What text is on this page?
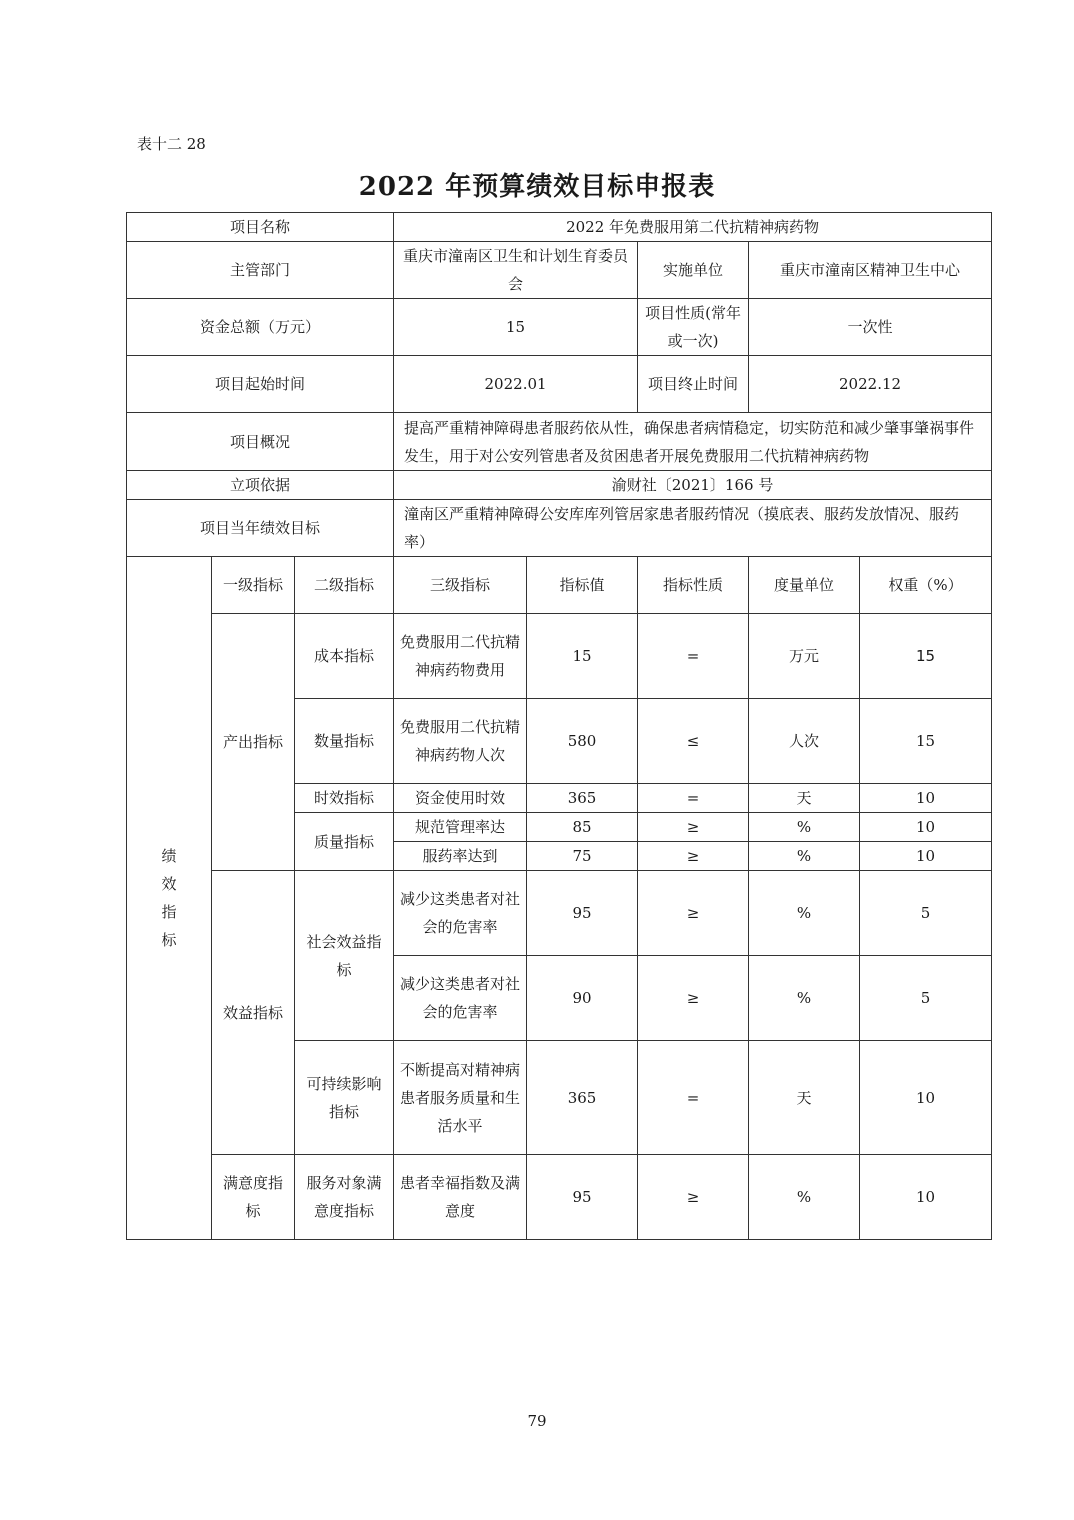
表十二 28
2022 年预算绩效目标申报表
项目名称			2022 年免费服用第二代抗精神病药物				
主管部门			重庆市潼南区卫生和计划生育委员会		实施单位	重庆市潼南区精神卫生中心	
资金总额（万元）			15		项目性质(常年或一次)	一次性	
项目起始时间			2022.01		项目终止时间	2022.12	
项目概况			提高严重精神障碍患者服药依从性，确保患者病情稳定，切实防范和减少肇事肇祸事件发生，用于对公安列管患者及贫困患者开展免费服用二代抗精神病药物				
立项依据			渝财社〔2021〕166 号				
项目当年绩效目标			潼南区严重精神障碍公安库库列管居家患者服药情况（摸底表、服药发放情况、服药率）				
绩效指标	一级指标	二级指标	三级指标	指标值	指标性质	度量单位	权重（%）
	产出指标	成本指标	免费服用二代抗精神病药物费用	15	=	万元	15
		数量指标	免费服用二代抗精神病药物人次	580	≤	人次	15
		时效指标	资金使用时效	365	=	天	10
		质量指标	规范管理率达	85	≥	%	10
			服药率达到	75	≥	%	10
	效益指标	社会效益指标	减少这类患者对社会的危害率	95	≥	%	5
			减少这类患者对社会的危害率	90	≥	%	5
		可持续影响指标	不断提高对精神病患者服务质量和生活水平	365	=	天	10
	满意度指标	服务对象满意度指标	患者幸福指数及满意度	95	≥	%	10
79
